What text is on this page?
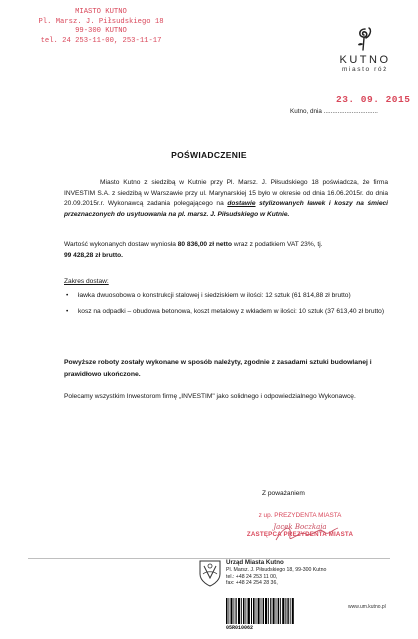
MIASTO KUTNO
Pl. Marsz. J. Piłsudskiego 18
99-300 KUTNO
tel. 24 253-11-00, 253-11-17
KUTNO
miasto róż
23. 09. 2015
Kutno, dnia ...............................
POŚWIADCZENIE
Miasto Kutno z siedzibą w Kutnie przy Pl. Marsz. J. Piłsudskiego 18 poświadcza, że firma INVESTIM S.A. z siedzibą w Warszawie przy ul. Marynarskiej 15 było w okresie od dnia 16.06.2015r. do dnia 20.09.2015r.r. Wykonawcą zadania polegającego na dostawie stylizowanych ławek i koszy na śmieci przeznaczonych do usytuowania na pl. marsz. J. Piłsudskiego w Kutnie.
Wartość wykonanych dostaw wyniosła 80 836,00 zł netto wraz z podatkiem VAT 23%, tj.
99 428,28 zł brutto.
Zakres dostaw:
• ławka dwuosobowa o konstrukcji stalowej i siedziskiem w ilości: 12 sztuk (61 814,88 zł brutto)
• kosz na odpadki – obudowa betonowa, koszt metalowy z wkładem w ilości: 10 sztuk (37 613,40 zł brutto)
Powyższe roboty zostały wykonane w sposób należyty, zgodnie z zasadami sztuki budowlanej i prawidłowo ukończone.
Polecamy wszystkim Inwestorom firmę „INVESTIM" jako solidnego i odpowiedzialnego Wykonawcę.
Z poważaniem
z up. PREZYDENTA MIASTA
Jacek Boczkaja
ZASTĘPCA PREZYDENTA MIASTA
Urząd Miasta Kutno
Pl. Marsz. J. Piłsudskiego 18, 99-300 Kutno
tel.: +48 24 253 11 00,
fax: +48 24 254 28 36,
05R010062
www.um.kutno.pl
